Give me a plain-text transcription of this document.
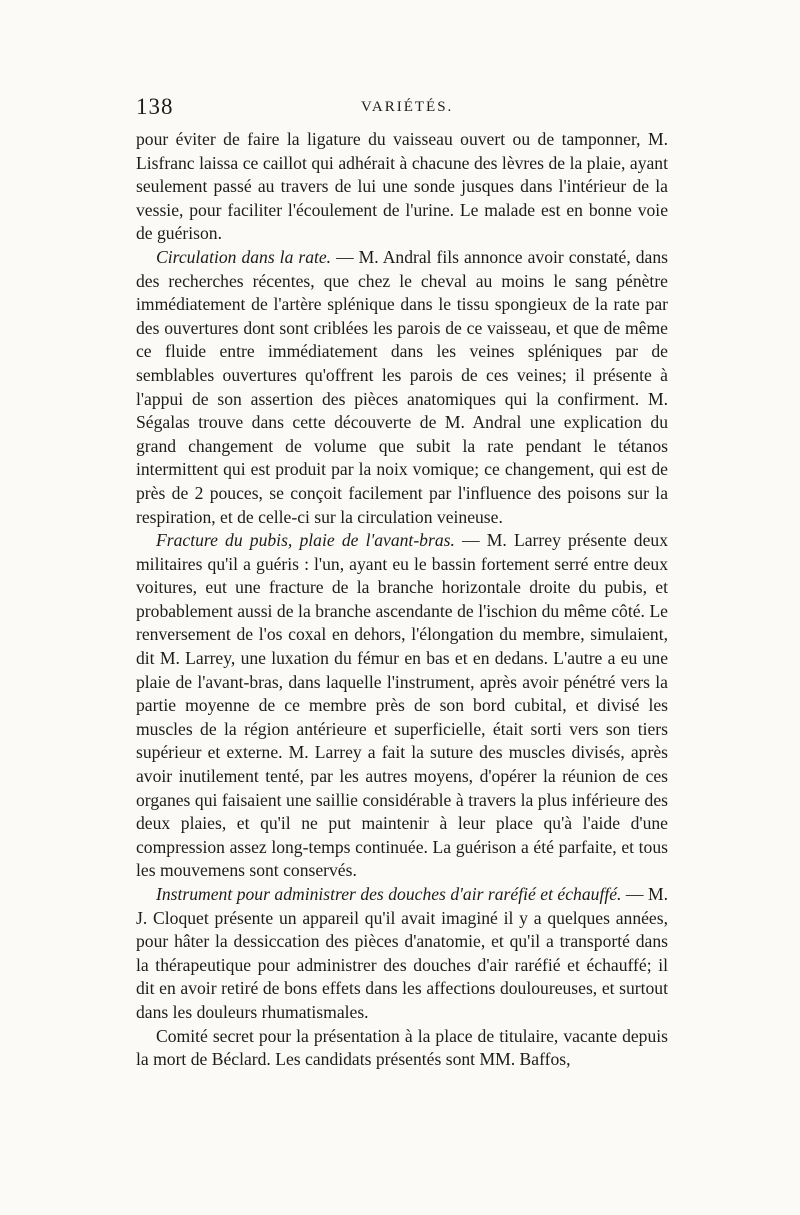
138	VARIÉTÉS.

pour éviter de faire la ligature du vaisseau ouvert ou de tamponner, M. Lisfranc laissa ce caillot qui adhérait à chacune des lèvres de la plaie, ayant seulement passé au travers de lui une sonde jusques dans l'intérieur de la vessie, pour faciliter l'écoulement de l'urine. Le malade est en bonne voie de guérison.

Circulation dans la rate. — M. Andral fils annonce avoir constaté, dans des recherches récentes, que chez le cheval au moins le sang pénètre immédiatement de l'artère splénique dans le tissu spongieux de la rate par des ouvertures dont sont criblées les parois de ce vaisseau, et que de même ce fluide entre immédiatement dans les veines spléniques par de semblables ouvertures qu'offrent les parois de ces veines; il présente à l'appui de son assertion des pièces anatomiques qui la confirment. M. Ségalas trouve dans cette découverte de M. Andral une explication du grand changement de volume que subit la rate pendant le tétanos intermittent qui est produit par la noix vomique; ce changement, qui est de près de 2 pouces, se conçoit facilement par l'influence des poisons sur la respiration, et de celle-ci sur la circulation veineuse.

Fracture du pubis, plaie de l'avant-bras. — M. Larrey présente deux militaires qu'il a guéris : l'un, ayant eu le bassin fortement serré entre deux voitures, eut une fracture de la branche horizontale droite du pubis, et probablement aussi de la branche ascendante de l'ischion du même côté. Le renversement de l'os coxal en dehors, l'élongation du membre, simulaient, dit M. Larrey, une luxation du fémur en bas et en dedans. L'autre a eu une plaie de l'avant-bras, dans laquelle l'instrument, après avoir pénétré vers la partie moyenne de ce membre près de son bord cubital, et divisé les muscles de la région antérieure et superficielle, était sorti vers son tiers supérieur et externe. M. Larrey a fait la suture des muscles divisés, après avoir inutilement tenté, par les autres moyens, d'opérer la réunion de ces organes qui faisaient une saillie considérable à travers la plus inférieure des deux plaies, et qu'il ne put maintenir à leur place qu'à l'aide d'une compression assez long-temps continuée. La guérison a été parfaite, et tous les mouvemens sont conservés.

Instrument pour administrer des douches d'air raréfié et échauffé. — M. J. Cloquet présente un appareil qu'il avait imaginé il y a quelques années, pour hâter la dessiccation des pièces d'anatomie, et qu'il a transporté dans la thérapeutique pour administrer des douches d'air raréfié et échauffé; il dit en avoir retiré de bons effets dans les affections douloureuses, et surtout dans les douleurs rhumatismales.

Comité secret pour la présentation à la place de titulaire, vacante depuis la mort de Béclard. Les candidats présentés sont MM. Baffos,
